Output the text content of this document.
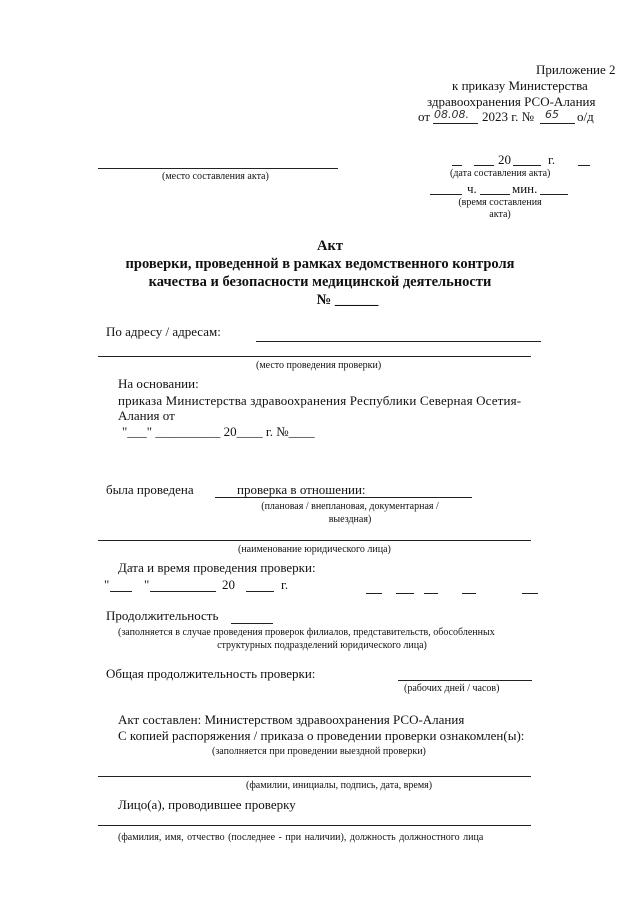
Приложение 2
к приказу Министерства
здравоохранения РСО-Алания
от 08.08. 2023 г. № 65 о/д
(место составления акта)
20	г.
(дата составления акта)
ч.	мин.
(время составления
акта)
Акт
проверки, проведенной в рамках ведомственного контроля
качества и безопасности медицинской деятельности
№ ______
По адресу / адресам:
(место проведения проверки)
На основании:
приказа Министерства здравоохранения Республики Северная Осетия-
Алания от
"___" __________ 20____ г. №____
была проведена	проверка в отношении:
(плановая / внеплановая, документарная /
выездная)
(наименование юридического лица)
Дата и время проведения проверки:
"	"	20	г.
Продолжительность
(заполняется в случае проведения проверок филиалов, представительств, обособленных
структурных подразделений юридического лица)
Общая продолжительность проверки:
(рабочих дней / часов)
Акт составлен: Министерством здравоохранения РСО-Алания
С копией распоряжения / приказа о проведении проверки ознакомлен(ы):
(заполняется при проведении выездной проверки)
(фамилии, инициалы, подпись, дата, время)
Лицо(а), проводившее проверку
(фамилия, имя, отчество (последнее - при наличии), должность должностного лица
